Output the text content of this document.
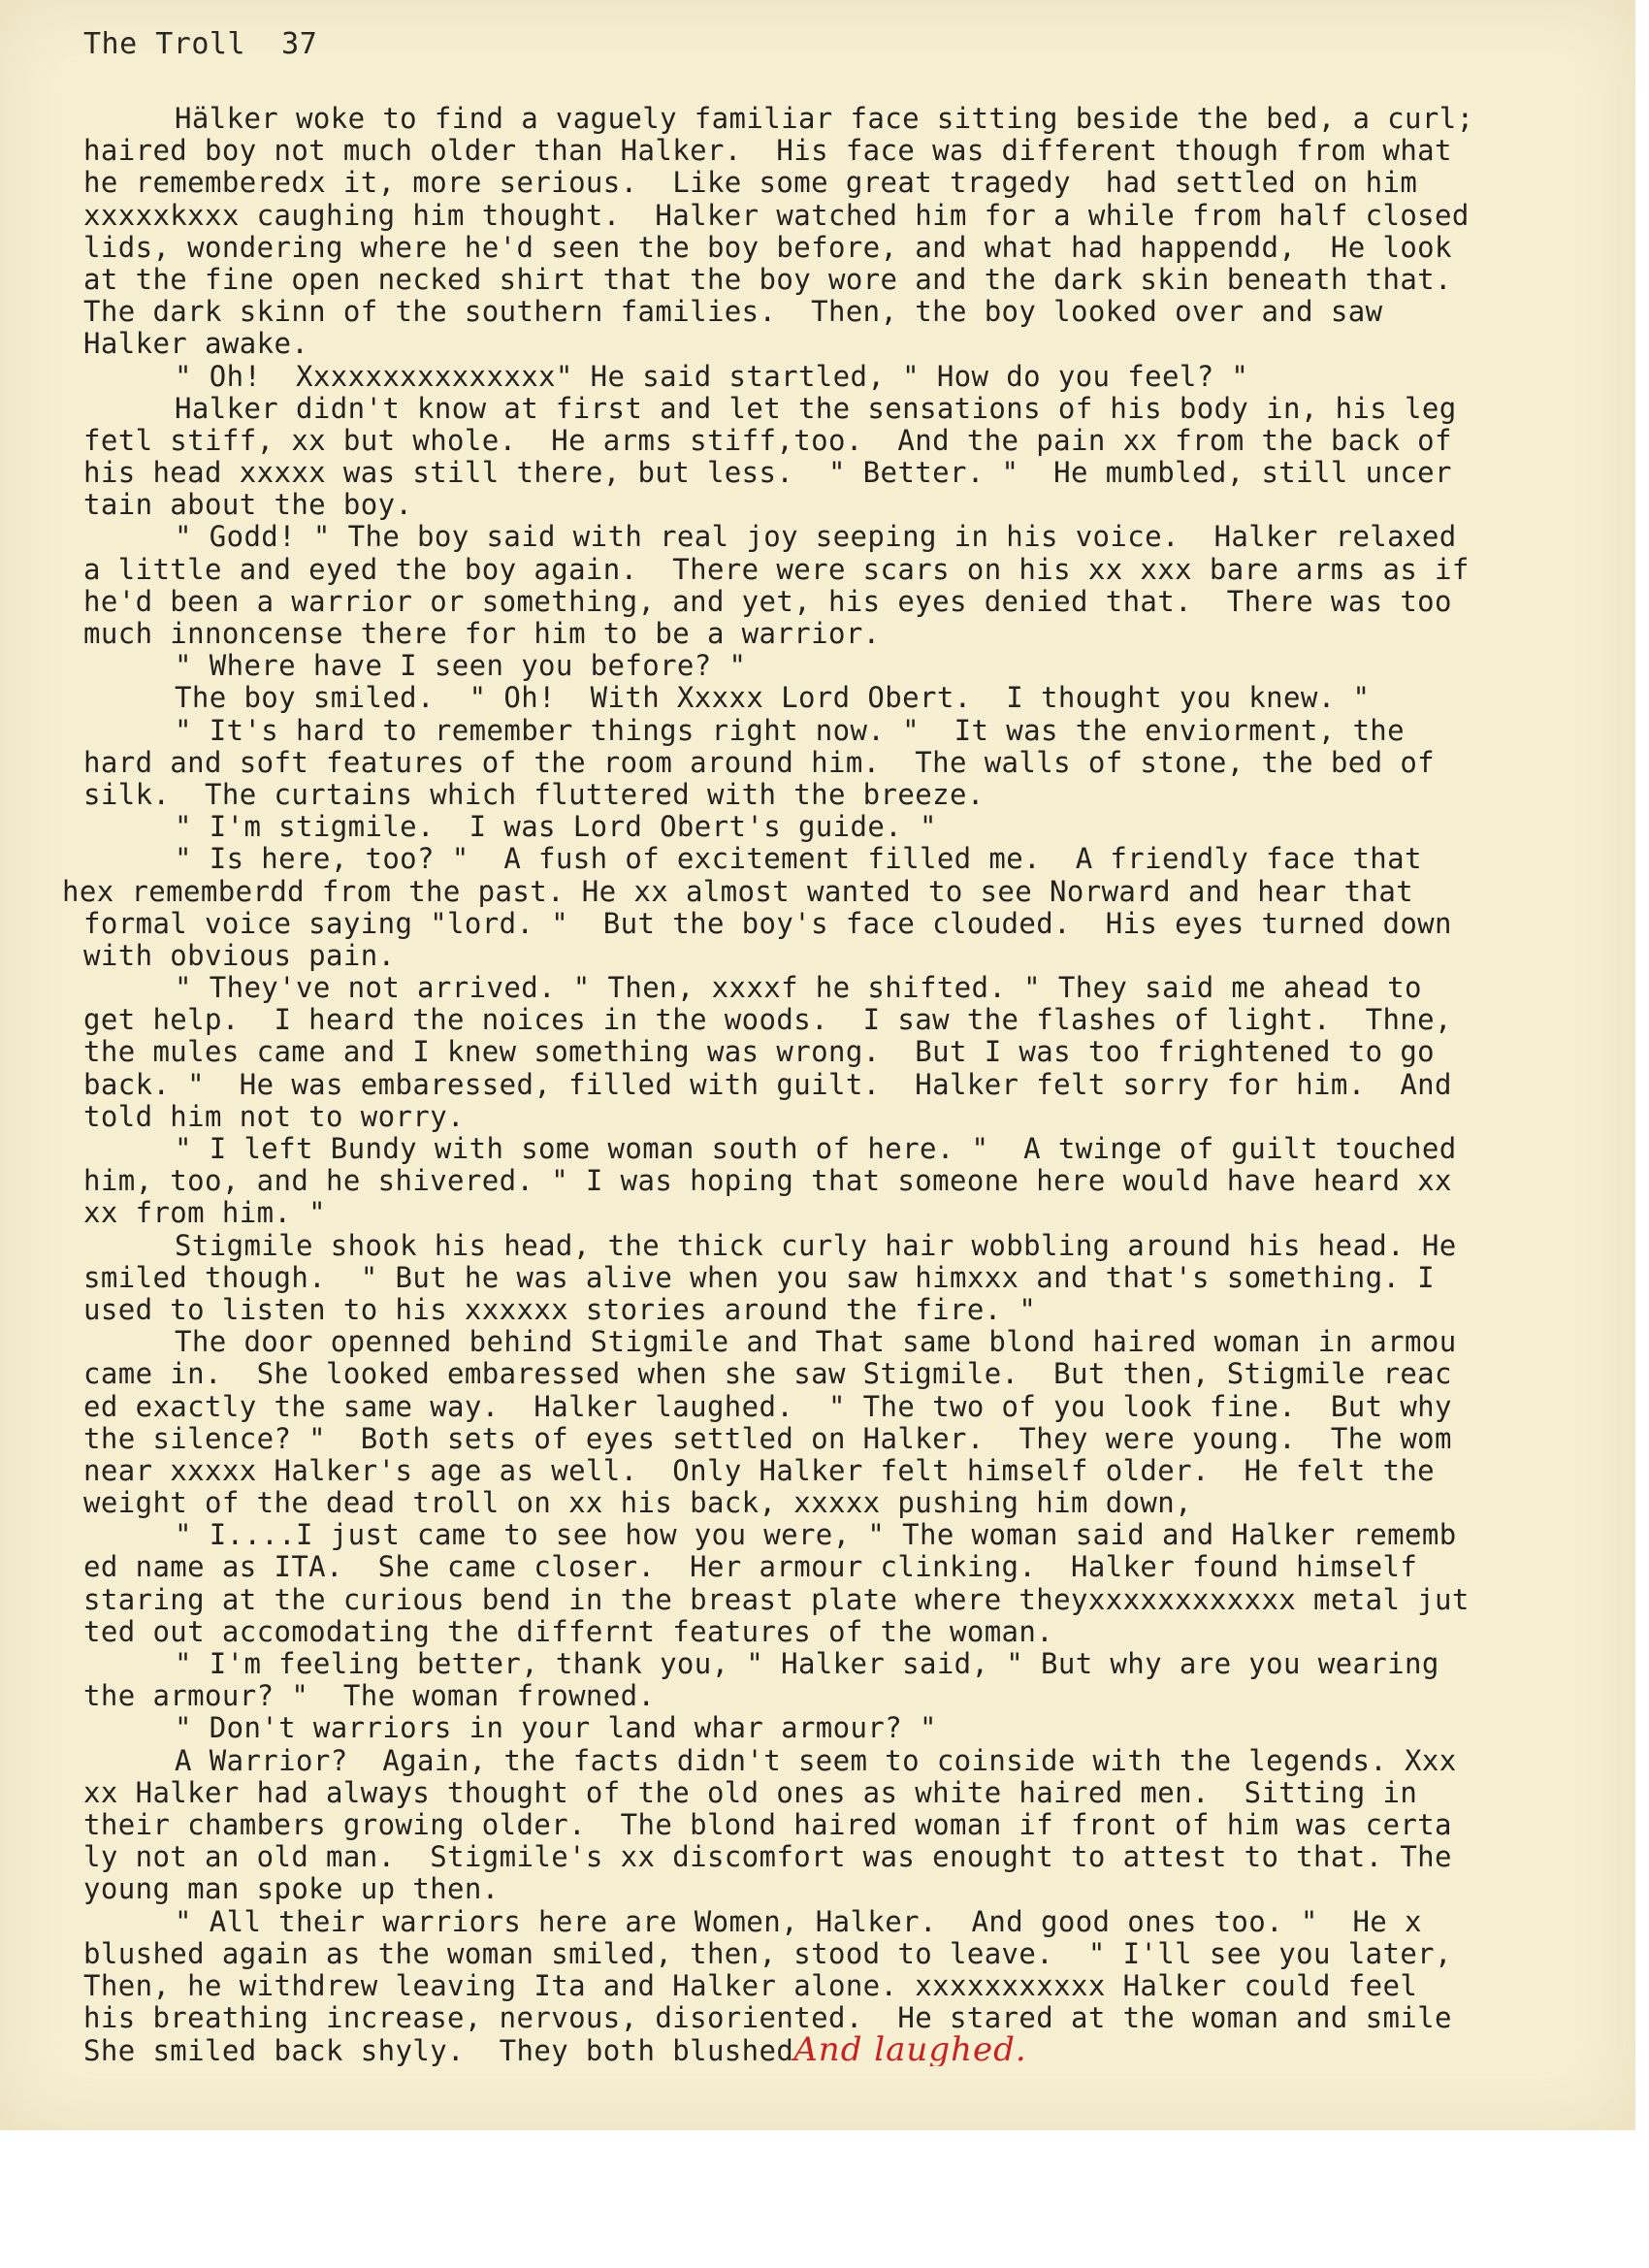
The Troll  37
Hälker woke to find a vaguely familiar face sitting beside the bed, a curl;
haired boy not much older than Halker.  His face was different though from what
he rememberedx it, more serious.  Like some great tragedy  had settled on him
xxxxxkxxx caughing him thought.  Halker watched him for a while from half closed
lids, wondering where he'd seen the boy before, and what had happendd,  He look
at the fine open necked shirt that the boy wore and the dark skin beneath that.
The dark skinn of the southern families.  Then, the boy looked over and saw
Halker awake.
" Oh!  Xxxxxxxxxxxxxxx" He said startled, " How do you feel? "
Halker didn't know at first and let the sensations of his body in, his leg
fetl stiff, xx but whole.  He arms stiff,too.  And the pain xx from the back of
his head xxxxx was still there, but less.  " Better. "  He mumbled, still uncer
tain about the boy.
" Godd! " The boy said with real joy seeping in his voice.  Halker relaxed
a little and eyed the boy again.  There were scars on his xx xxx bare arms as if
he'd been a warrior or something, and yet, his eyes denied that.  There was too
much innoncense there for him to be a warrior.
" Where have I seen you before? "
The boy smiled.  " Oh!  With Xxxxx Lord Obert.  I thought you knew. "
" It's hard to remember things right now. "  It was the enviorment, the
hard and soft features of the room around him.  The walls of stone, the bed of
silk.  The curtains which fluttered with the breeze.
" I'm stigmile.  I was Lord Obert's guide. "
" Is here, too? "  A fush of excitement filled me.  A friendly face that
hex rememberdd from the past. He xx almost wanted to see Norward and hear that
formal voice saying "lord. "  But the boy's face clouded.  His eyes turned down
with obvious pain.
" They've not arrived. " Then, xxxxf he shifted. " They said me ahead to
get help.  I heard the noices in the woods.  I saw the flashes of light.  Thne,
the mules came and I knew something was wrong.  But I was too frightened to go
back. "  He was embaressed, filled with guilt.  Halker felt sorry for him.  And
told him not to worry.
" I left Bundy with some woman south of here. "  A twinge of guilt touched
him, too, and he shivered. " I was hoping that someone here would have heard xx
xx from him. "
Stigmile shook his head, the thick curly hair wobbling around his head. He
smiled though.  " But he was alive when you saw himxxx and that's something. I
used to listen to his xxxxxx stories around the fire. "
The door openned behind Stigmile and That same blond haired woman in armou
came in.  She looked embaressed when she saw Stigmile.  But then, Stigmile reac
ed exactly the same way.  Halker laughed.  " The two of you look fine.  But why
the silence? "  Both sets of eyes settled on Halker.  They were young.  The wom
near xxxxx Halker's age as well.  Only Halker felt himself older.  He felt the
weight of the dead troll on xx his back, xxxxx pushing him down,
" I....I just came to see how you were, " The woman said and Halker rememb
ed name as ITA.  She came closer.  Her armour clinking.  Halker found himself
staring at the curious bend in the breast plate where theyxxxxxxxxxxxx metal jut
ted out accomodating the differnt features of the woman.
" I'm feeling better, thank you, " Halker said, " But why are you wearing
the armour? "  The woman frowned.
" Don't warriors in your land whar armour? "
A Warrior?  Again, the facts didn't seem to coinside with the legends. Xxx
xx Halker had always thought of the old ones as white haired men.  Sitting in
their chambers growing older.  The blond haired woman if front of him was certa
ly not an old man.  Stigmile's xx discomfort was enought to attest to that. The
young man spoke up then.
" All their warriors here are Women, Halker.  And good ones too. "  He x
blushed again as the woman smiled, then, stood to leave.  " I'll see you later,
Then, he withdrew leaving Ita and Halker alone. xxxxxxxxxxx Halker could feel
his breathing increase, nervous, disoriented.  He stared at the woman and smile
She smiled back shyly.  They both blushedAnd laughed.
